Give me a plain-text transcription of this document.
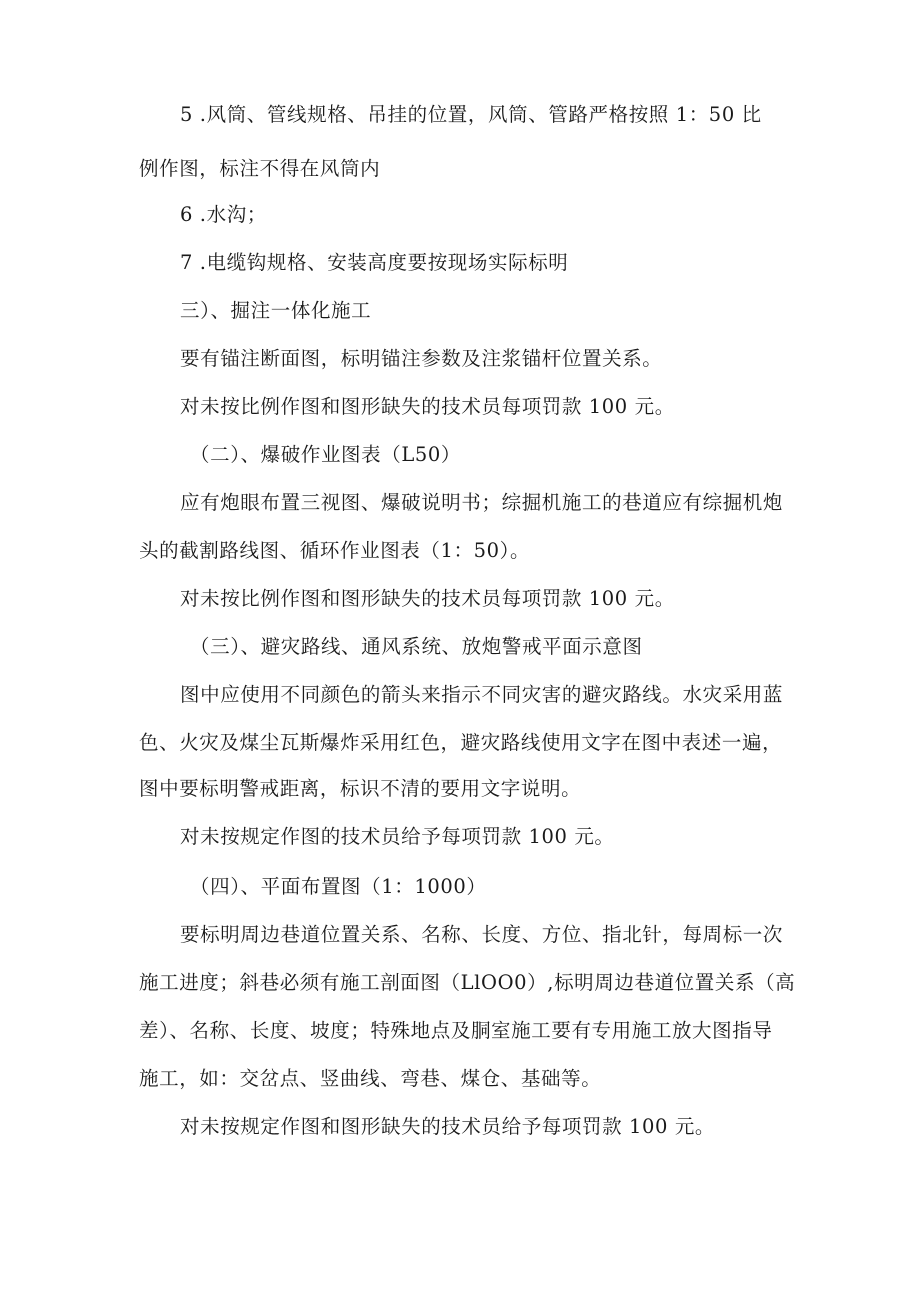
5 .风筒、管线规格、吊挂的位置，风筒、管路严格按照 1：50 比
例作图，标注不得在风筒内
6 .水沟；
7 .电缆钩规格、安装高度要按现场实际标明
三）、掘注一体化施工
要有锚注断面图，标明锚注参数及注浆锚杆位置关系。
对未按比例作图和图形缺失的技术员每项罚款 100 元。
（二）、爆破作业图表（L50）
应有炮眼布置三视图、爆破说明书；综掘机施工的巷道应有综掘机炮
头的截割路线图、循环作业图表（1：50）。
对未按比例作图和图形缺失的技术员每项罚款 100 元。
（三）、避灾路线、通风系统、放炮警戒平面示意图
图中应使用不同颜色的箭头来指示不同灾害的避灾路线。水灾采用蓝
色、火灾及煤尘瓦斯爆炸采用红色，避灾路线使用文字在图中表述一遍，
图中要标明警戒距离，标识不清的要用文字说明。
对未按规定作图的技术员给予每项罚款 100 元。
（四）、平面布置图（1：1000）
要标明周边巷道位置关系、名称、长度、方位、指北针，每周标一次
施工进度；斜巷必须有施工剖面图（LlOO0）,标明周边巷道位置关系（高
差）、名称、长度、坡度；特殊地点及胴室施工要有专用施工放大图指导
施工，如：交岔点、竖曲线、弯巷、煤仓、基础等。
对未按规定作图和图形缺失的技术员给予每项罚款 100 元。
